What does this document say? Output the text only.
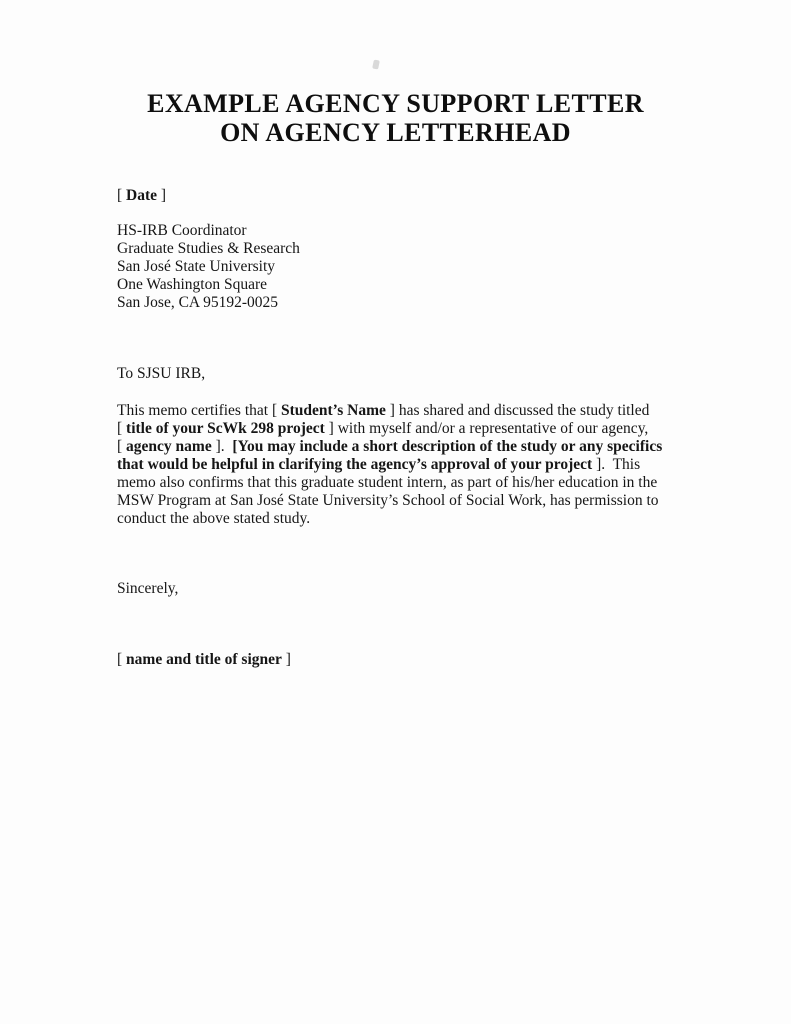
EXAMPLE AGENCY SUPPORT LETTER
ON AGENCY LETTERHEAD
[ Date ]
HS-IRB Coordinator
Graduate Studies & Research
San José State University
One Washington Square
San Jose, CA 95192-0025
To SJSU IRB,
This memo certifies that [ Student’s Name ] has shared and discussed the study titled
[ title of your ScWk 298 project ] with myself and/or a representative of our agency,
[ agency name ].  [You may include a short description of the study or any specifics
that would be helpful in clarifying the agency’s approval of your project ].  This
memo also confirms that this graduate student intern, as part of his/her education in the
MSW Program at San José State University’s School of Social Work, has permission to
conduct the above stated study.
Sincerely,
[ name and title of signer ]
